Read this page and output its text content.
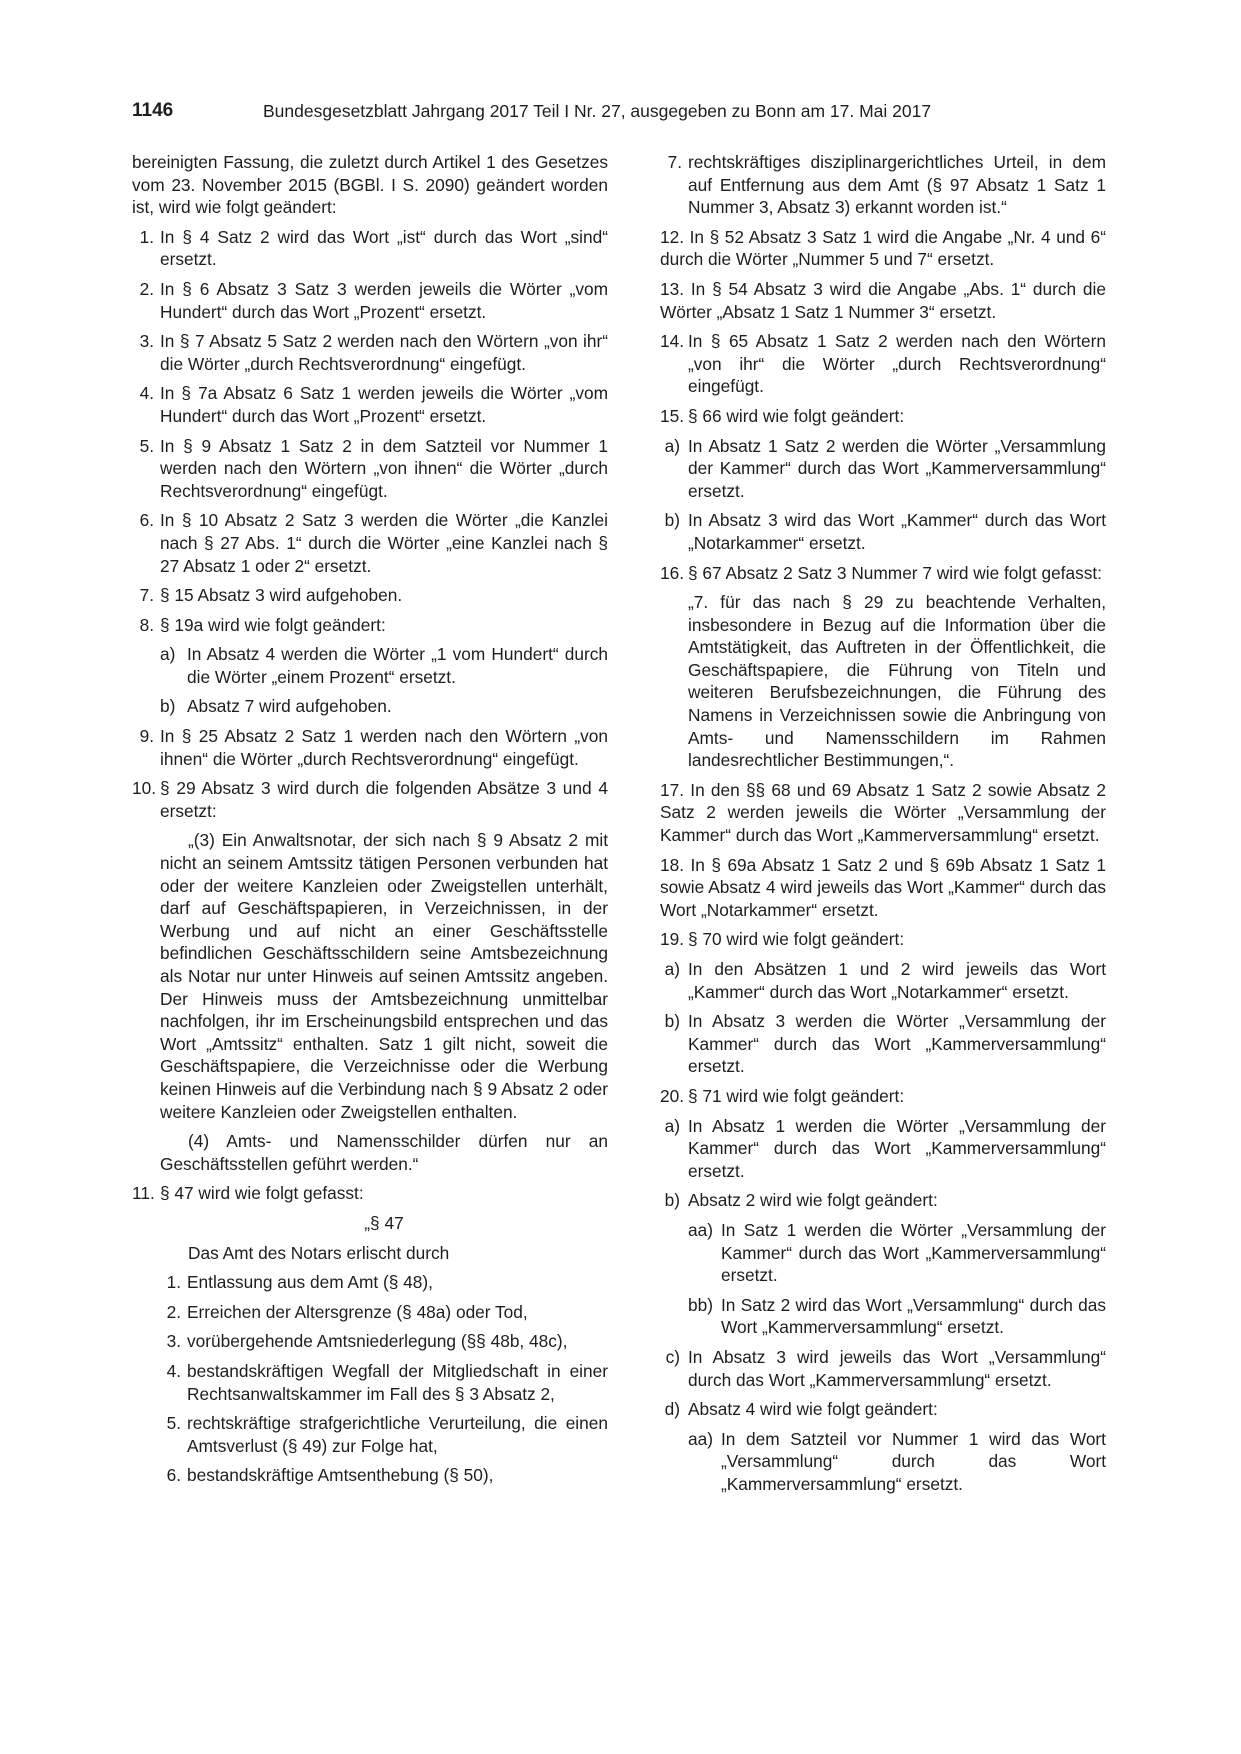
1146	Bundesgesetzblatt Jahrgang 2017 Teil I Nr. 27, ausgegeben zu Bonn am 17. Mai 2017
bereinigten Fassung, die zuletzt durch Artikel 1 des Gesetzes vom 23. November 2015 (BGBl. I S. 2090) geändert worden ist, wird wie folgt geändert:
1. In § 4 Satz 2 wird das Wort „ist“ durch das Wort „sind“ ersetzt.
2. In § 6 Absatz 3 Satz 3 werden jeweils die Wörter „vom Hundert“ durch das Wort „Prozent“ ersetzt.
3. In § 7 Absatz 5 Satz 2 werden nach den Wörtern „von ihr“ die Wörter „durch Rechtsverordnung“ eingefügt.
4. In § 7a Absatz 6 Satz 1 werden jeweils die Wörter „vom Hundert“ durch das Wort „Prozent“ ersetzt.
5. In § 9 Absatz 1 Satz 2 in dem Satzteil vor Nummer 1 werden nach den Wörtern „von ihnen“ die Wörter „durch Rechtsverordnung“ eingefügt.
6. In § 10 Absatz 2 Satz 3 werden die Wörter „die Kanzlei nach § 27 Abs. 1“ durch die Wörter „eine Kanzlei nach § 27 Absatz 1 oder 2“ ersetzt.
7. § 15 Absatz 3 wird aufgehoben.
8. § 19a wird wie folgt geändert:
a) In Absatz 4 werden die Wörter „1 vom Hundert“ durch die Wörter „einem Prozent“ ersetzt.
b) Absatz 7 wird aufgehoben.
9. In § 25 Absatz 2 Satz 1 werden nach den Wörtern „von ihnen“ die Wörter „durch Rechtsverordnung“ eingefügt.
10. § 29 Absatz 3 wird durch die folgenden Absätze 3 und 4 ersetzt:
„(3) Ein Anwaltsnotar, der sich nach § 9 Absatz 2 mit nicht an seinem Amtssitz tätigen Personen verbunden hat oder der weitere Kanzleien oder Zweigstellen unterhält, darf auf Geschäftspapieren, in Verzeichnissen, in der Werbung und auf nicht an einer Geschäftsstelle befindlichen Geschäftsschildern seine Amtsbezeichnung als Notar nur unter Hinweis auf seinen Amtssitz angeben. Der Hinweis muss der Amtsbezeichnung unmittelbar nachfolgen, ihr im Erscheinungsbild entsprechen und das Wort „Amtssitz“ enthalten. Satz 1 gilt nicht, soweit die Geschäftspapiere, die Verzeichnisse oder die Werbung keinen Hinweis auf die Verbindung nach § 9 Absatz 2 oder weitere Kanzleien oder Zweigstellen enthalten.
(4) Amts- und Namensschilder dürfen nur an Geschäftsstellen geführt werden.“
11. § 47 wird wie folgt gefasst:
„§ 47
Das Amt des Notars erlischt durch
1. Entlassung aus dem Amt (§ 48),
2. Erreichen der Altersgrenze (§ 48a) oder Tod,
3. vorübergehende Amtsniederlegung (§§ 48b, 48c),
4. bestandskräftigen Wegfall der Mitgliedschaft in einer Rechtsanwaltskammer im Fall des § 3 Absatz 2,
5. rechtskräftige strafgerichtliche Verurteilung, die einen Amtsverlust (§ 49) zur Folge hat,
6. bestandskräftige Amtsenthebung (§ 50),
7. rechtskräftiges disziplinargerichtliches Urteil, in dem auf Entfernung aus dem Amt (§ 97 Absatz 1 Satz 1 Nummer 3, Absatz 3) erkannt worden ist.“
12. In § 52 Absatz 3 Satz 1 wird die Angabe „Nr. 4 und 6“ durch die Wörter „Nummer 5 und 7“ ersetzt.
13. In § 54 Absatz 3 wird die Angabe „Abs. 1“ durch die Wörter „Absatz 1 Satz 1 Nummer 3“ ersetzt.
14. In § 65 Absatz 1 Satz 2 werden nach den Wörtern „von ihr“ die Wörter „durch Rechtsverordnung“ eingefügt.
15. § 66 wird wie folgt geändert:
a) In Absatz 1 Satz 2 werden die Wörter „Versammlung der Kammer“ durch das Wort „Kammerversammlung“ ersetzt.
b) In Absatz 3 wird das Wort „Kammer“ durch das Wort „Notarkammer“ ersetzt.
16. § 67 Absatz 2 Satz 3 Nummer 7 wird wie folgt gefasst:
„7. für das nach § 29 zu beachtende Verhalten, insbesondere in Bezug auf die Information über die Amtstätigkeit, das Auftreten in der Öffentlichkeit, die Geschäftspapiere, die Führung von Titeln und weiteren Berufsbezeichnungen, die Führung des Namens in Verzeichnissen sowie die Anbringung von Amts- und Namensschildern im Rahmen landesrechtlicher Bestimmungen,“.
17. In den §§ 68 und 69 Absatz 1 Satz 2 sowie Absatz 2 Satz 2 werden jeweils die Wörter „Versammlung der Kammer“ durch das Wort „Kammerversammlung“ ersetzt.
18. In § 69a Absatz 1 Satz 2 und § 69b Absatz 1 Satz 1 sowie Absatz 4 wird jeweils das Wort „Kammer“ durch das Wort „Notarkammer“ ersetzt.
19. § 70 wird wie folgt geändert:
a) In den Absätzen 1 und 2 wird jeweils das Wort „Kammer“ durch das Wort „Notarkammer“ ersetzt.
b) In Absatz 3 werden die Wörter „Versammlung der Kammer“ durch das Wort „Kammerversammlung“ ersetzt.
20. § 71 wird wie folgt geändert:
a) In Absatz 1 werden die Wörter „Versammlung der Kammer“ durch das Wort „Kammerversammlung“ ersetzt.
b) Absatz 2 wird wie folgt geändert:
aa) In Satz 1 werden die Wörter „Versammlung der Kammer“ durch das Wort „Kammerversammlung“ ersetzt.
bb) In Satz 2 wird das Wort „Versammlung“ durch das Wort „Kammerversammlung“ ersetzt.
c) In Absatz 3 wird jeweils das Wort „Versammlung“ durch das Wort „Kammerversammlung“ ersetzt.
d) Absatz 4 wird wie folgt geändert:
aa) In dem Satzteil vor Nummer 1 wird das Wort „Versammlung“ durch das Wort „Kammerversammlung“ ersetzt.
